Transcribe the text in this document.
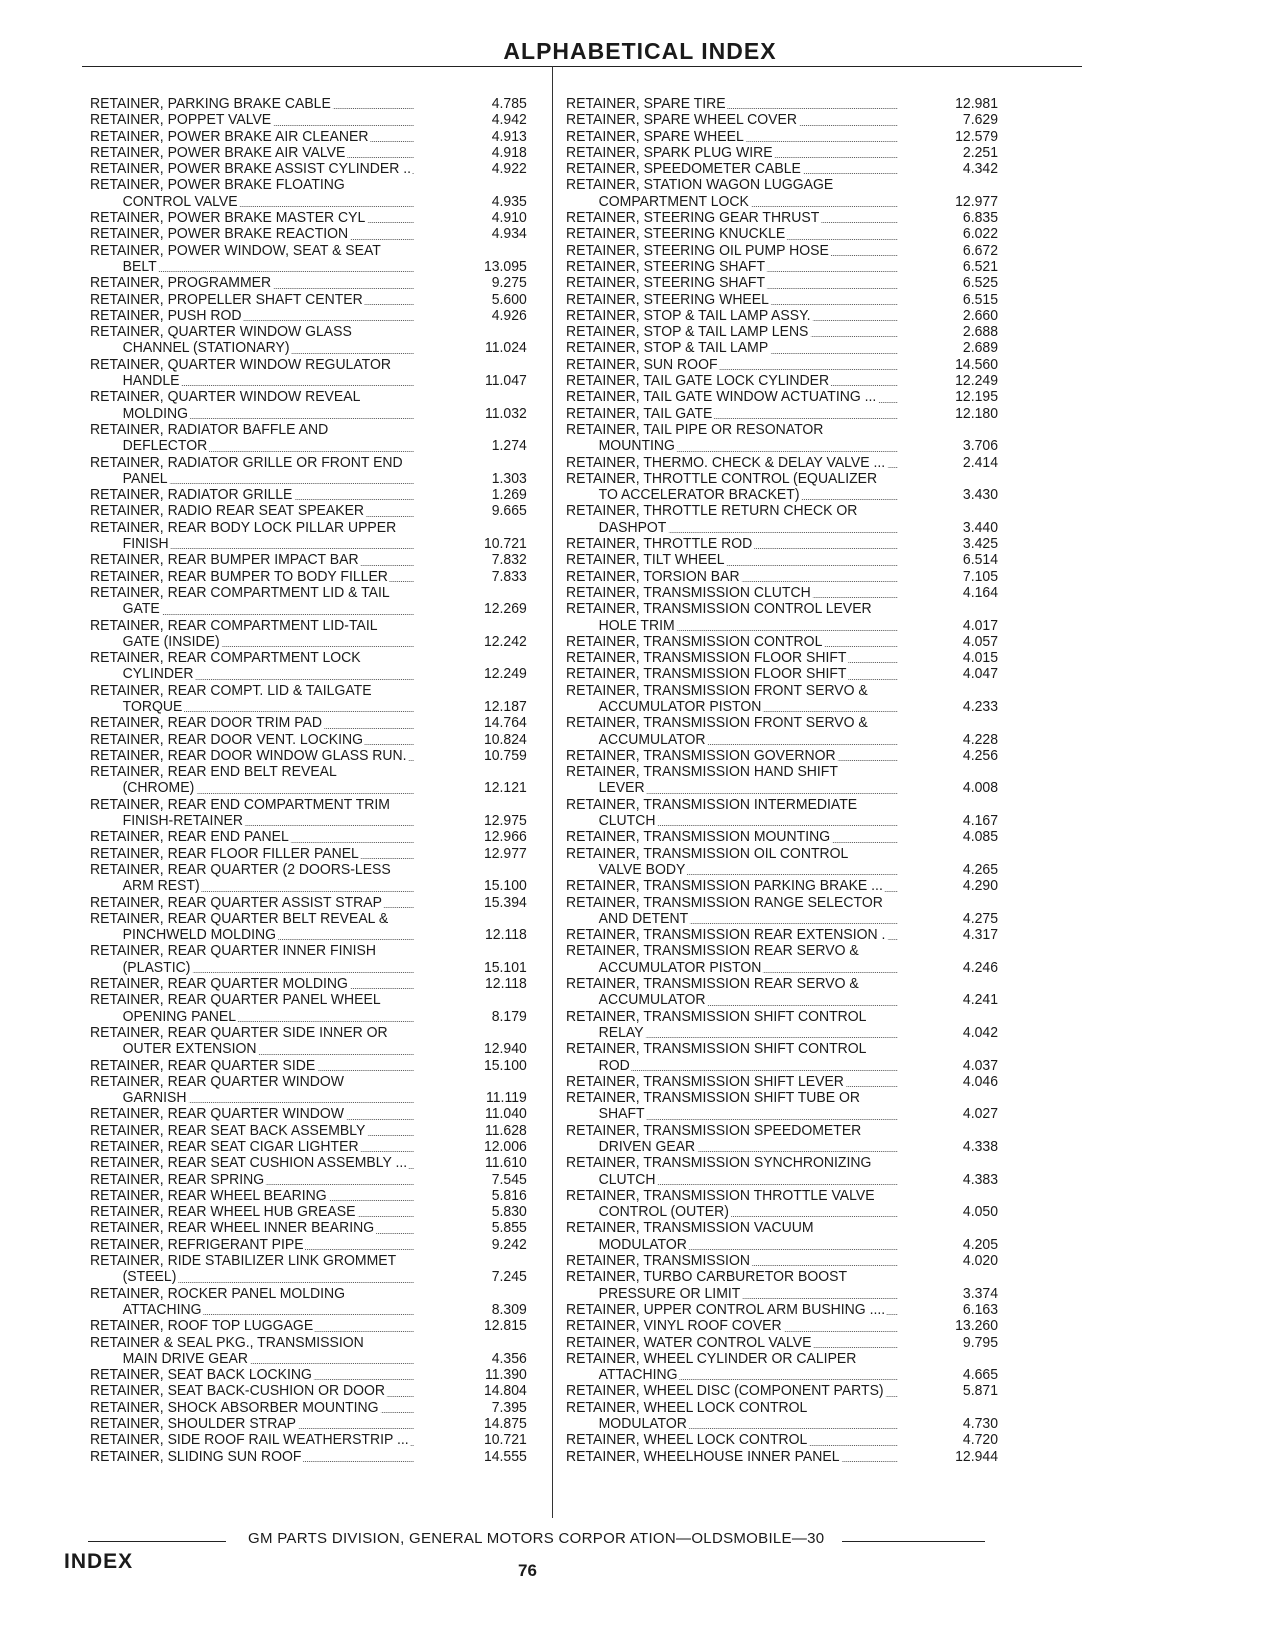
ALPHABETICAL INDEX
RETAINER, PARKING BRAKE CABLE	4.785
RETAINER, POPPET VALVE	4.942
RETAINER, POWER BRAKE AIR CLEANER	4.913
RETAINER, POWER BRAKE AIR VALVE	4.918
RETAINER, POWER BRAKE ASSIST CYLINDER ..	4.922
RETAINER, POWER BRAKE FLOATING
CONTROL VALVE	4.935
RETAINER, POWER BRAKE MASTER CYL	4.910
RETAINER, POWER BRAKE REACTION	4.934
RETAINER, POWER WINDOW, SEAT & SEAT
BELT	13.095
RETAINER, PROGRAMMER	9.275
RETAINER, PROPELLER SHAFT CENTER	5.600
RETAINER, PUSH ROD	4.926
RETAINER, QUARTER WINDOW GLASS
CHANNEL (STATIONARY)	11.024
RETAINER, QUARTER WINDOW REGULATOR
HANDLE	11.047
RETAINER, QUARTER WINDOW REVEAL
MOLDING	11.032
RETAINER, RADIATOR BAFFLE AND
DEFLECTOR	1.274
RETAINER, RADIATOR GRILLE OR FRONT END
PANEL	1.303
RETAINER, RADIATOR GRILLE	1.269
RETAINER, RADIO REAR SEAT SPEAKER	9.665
RETAINER, REAR BODY LOCK PILLAR UPPER
FINISH	10.721
RETAINER, REAR BUMPER IMPACT BAR	7.832
RETAINER, REAR BUMPER TO BODY FILLER	7.833
RETAINER, REAR COMPARTMENT LID & TAIL
GATE	12.269
RETAINER, REAR COMPARTMENT LID-TAIL
GATE (INSIDE)	12.242
RETAINER, REAR COMPARTMENT LOCK
CYLINDER	12.249
RETAINER, REAR COMPT. LID & TAILGATE
TORQUE	12.187
RETAINER, REAR DOOR TRIM PAD	14.764
RETAINER, REAR DOOR VENT. LOCKING	10.824
RETAINER, REAR DOOR WINDOW GLASS RUN.	10.759
RETAINER, REAR END BELT REVEAL
(CHROME)	12.121
RETAINER, REAR END COMPARTMENT TRIM
FINISH-RETAINER	12.975
RETAINER, REAR END PANEL	12.966
RETAINER, REAR FLOOR FILLER PANEL	12.977
RETAINER, REAR QUARTER (2 DOORS-LESS
ARM REST)	15.100
RETAINER, REAR QUARTER ASSIST STRAP	15.394
RETAINER, REAR QUARTER BELT REVEAL &
PINCHWELD MOLDING	12.118
RETAINER, REAR QUARTER INNER FINISH
(PLASTIC)	15.101
RETAINER, REAR QUARTER MOLDING	12.118
RETAINER, REAR QUARTER PANEL WHEEL
OPENING PANEL	8.179
RETAINER, REAR QUARTER SIDE INNER OR
OUTER EXTENSION	12.940
RETAINER, REAR QUARTER SIDE	15.100
RETAINER, REAR QUARTER WINDOW
GARNISH	11.119
RETAINER, REAR QUARTER WINDOW	11.040
RETAINER, REAR SEAT BACK ASSEMBLY	11.628
RETAINER, REAR SEAT CIGAR LIGHTER	12.006
RETAINER, REAR SEAT CUSHION ASSEMBLY ...	11.610
RETAINER, REAR SPRING	7.545
RETAINER, REAR WHEEL BEARING	5.816
RETAINER, REAR WHEEL HUB GREASE	5.830
RETAINER, REAR WHEEL INNER BEARING	5.855
RETAINER, REFRIGERANT PIPE	9.242
RETAINER, RIDE STABILIZER LINK GROMMET
(STEEL)	7.245
RETAINER, ROCKER PANEL MOLDING
ATTACHING	8.309
RETAINER, ROOF TOP LUGGAGE	12.815
RETAINER & SEAL PKG., TRANSMISSION
MAIN DRIVE GEAR	4.356
RETAINER, SEAT BACK LOCKING	11.390
RETAINER, SEAT BACK-CUSHION OR DOOR	14.804
RETAINER, SHOCK ABSORBER MOUNTING	7.395
RETAINER, SHOULDER STRAP	14.875
RETAINER, SIDE ROOF RAIL WEATHERSTRIP ...	10.721
RETAINER, SLIDING SUN ROOF	14.555
RETAINER, SPARE TIRE	12.981
RETAINER, SPARE WHEEL COVER	7.629
RETAINER, SPARE WHEEL	12.579
RETAINER, SPARK PLUG WIRE	2.251
RETAINER, SPEEDOMETER CABLE	4.342
RETAINER, STATION WAGON LUGGAGE
COMPARTMENT LOCK	12.977
RETAINER, STEERING GEAR THRUST	6.835
RETAINER, STEERING KNUCKLE	6.022
RETAINER, STEERING OIL PUMP HOSE	6.672
RETAINER, STEERING SHAFT	6.521
RETAINER, STEERING SHAFT	6.525
RETAINER, STEERING WHEEL	6.515
RETAINER, STOP & TAIL LAMP ASSY.	2.660
RETAINER, STOP & TAIL LAMP LENS	2.688
RETAINER, STOP & TAIL LAMP	2.689
RETAINER, SUN ROOF	14.560
RETAINER, TAIL GATE LOCK CYLINDER	12.249
RETAINER, TAIL GATE WINDOW ACTUATING ...	12.195
RETAINER, TAIL GATE	12.180
RETAINER, TAIL PIPE OR RESONATOR
MOUNTING	3.706
RETAINER, THERMO. CHECK & DELAY VALVE ...	2.414
RETAINER, THROTTLE CONTROL (EQUALIZER
TO ACCELERATOR BRACKET)	3.430
RETAINER, THROTTLE RETURN CHECK OR
DASHPOT	3.440
RETAINER, THROTTLE ROD	3.425
RETAINER, TILT WHEEL	6.514
RETAINER, TORSION BAR	7.105
RETAINER, TRANSMISSION CLUTCH	4.164
RETAINER, TRANSMISSION CONTROL LEVER
HOLE TRIM	4.017
RETAINER, TRANSMISSION CONTROL	4.057
RETAINER, TRANSMISSION FLOOR SHIFT	4.015
RETAINER, TRANSMISSION FLOOR SHIFT	4.047
RETAINER, TRANSMISSION FRONT SERVO &
ACCUMULATOR PISTON	4.233
RETAINER, TRANSMISSION FRONT SERVO &
ACCUMULATOR	4.228
RETAINER, TRANSMISSION GOVERNOR	4.256
RETAINER, TRANSMISSION HAND SHIFT
LEVER	4.008
RETAINER, TRANSMISSION INTERMEDIATE
CLUTCH	4.167
RETAINER, TRANSMISSION MOUNTING	4.085
RETAINER, TRANSMISSION OIL CONTROL
VALVE BODY	4.265
RETAINER, TRANSMISSION PARKING BRAKE ...	4.290
RETAINER, TRANSMISSION RANGE SELECTOR
AND DETENT	4.275
RETAINER, TRANSMISSION REAR EXTENSION .	4.317
RETAINER, TRANSMISSION REAR SERVO &
ACCUMULATOR PISTON	4.246
RETAINER, TRANSMISSION REAR SERVO &
ACCUMULATOR	4.241
RETAINER, TRANSMISSION SHIFT CONTROL
RELAY	4.042
RETAINER, TRANSMISSION SHIFT CONTROL
ROD	4.037
RETAINER, TRANSMISSION SHIFT LEVER	4.046
RETAINER, TRANSMISSION SHIFT TUBE OR
SHAFT	4.027
RETAINER, TRANSMISSION SPEEDOMETER
DRIVEN GEAR	4.338
RETAINER, TRANSMISSION SYNCHRONIZING
CLUTCH	4.383
RETAINER, TRANSMISSION THROTTLE VALVE
CONTROL (OUTER)	4.050
RETAINER, TRANSMISSION VACUUM
MODULATOR	4.205
RETAINER, TRANSMISSION	4.020
RETAINER, TURBO CARBURETOR BOOST
PRESSURE OR LIMIT	3.374
RETAINER, UPPER CONTROL ARM BUSHING ....	6.163
RETAINER, VINYL ROOF COVER	13.260
RETAINER, WATER CONTROL VALVE	9.795
RETAINER, WHEEL CYLINDER OR CALIPER
ATTACHING	4.665
RETAINER, WHEEL DISC (COMPONENT PARTS)	5.871
RETAINER, WHEEL LOCK CONTROL
MODULATOR	4.730
RETAINER, WHEEL LOCK CONTROL	4.720
RETAINER, WHEELHOUSE INNER PANEL	12.944
GM PARTS DIVISION, GENERAL MOTORS CORPOR ATION—OLDSMOBILE—30
INDEX	76
